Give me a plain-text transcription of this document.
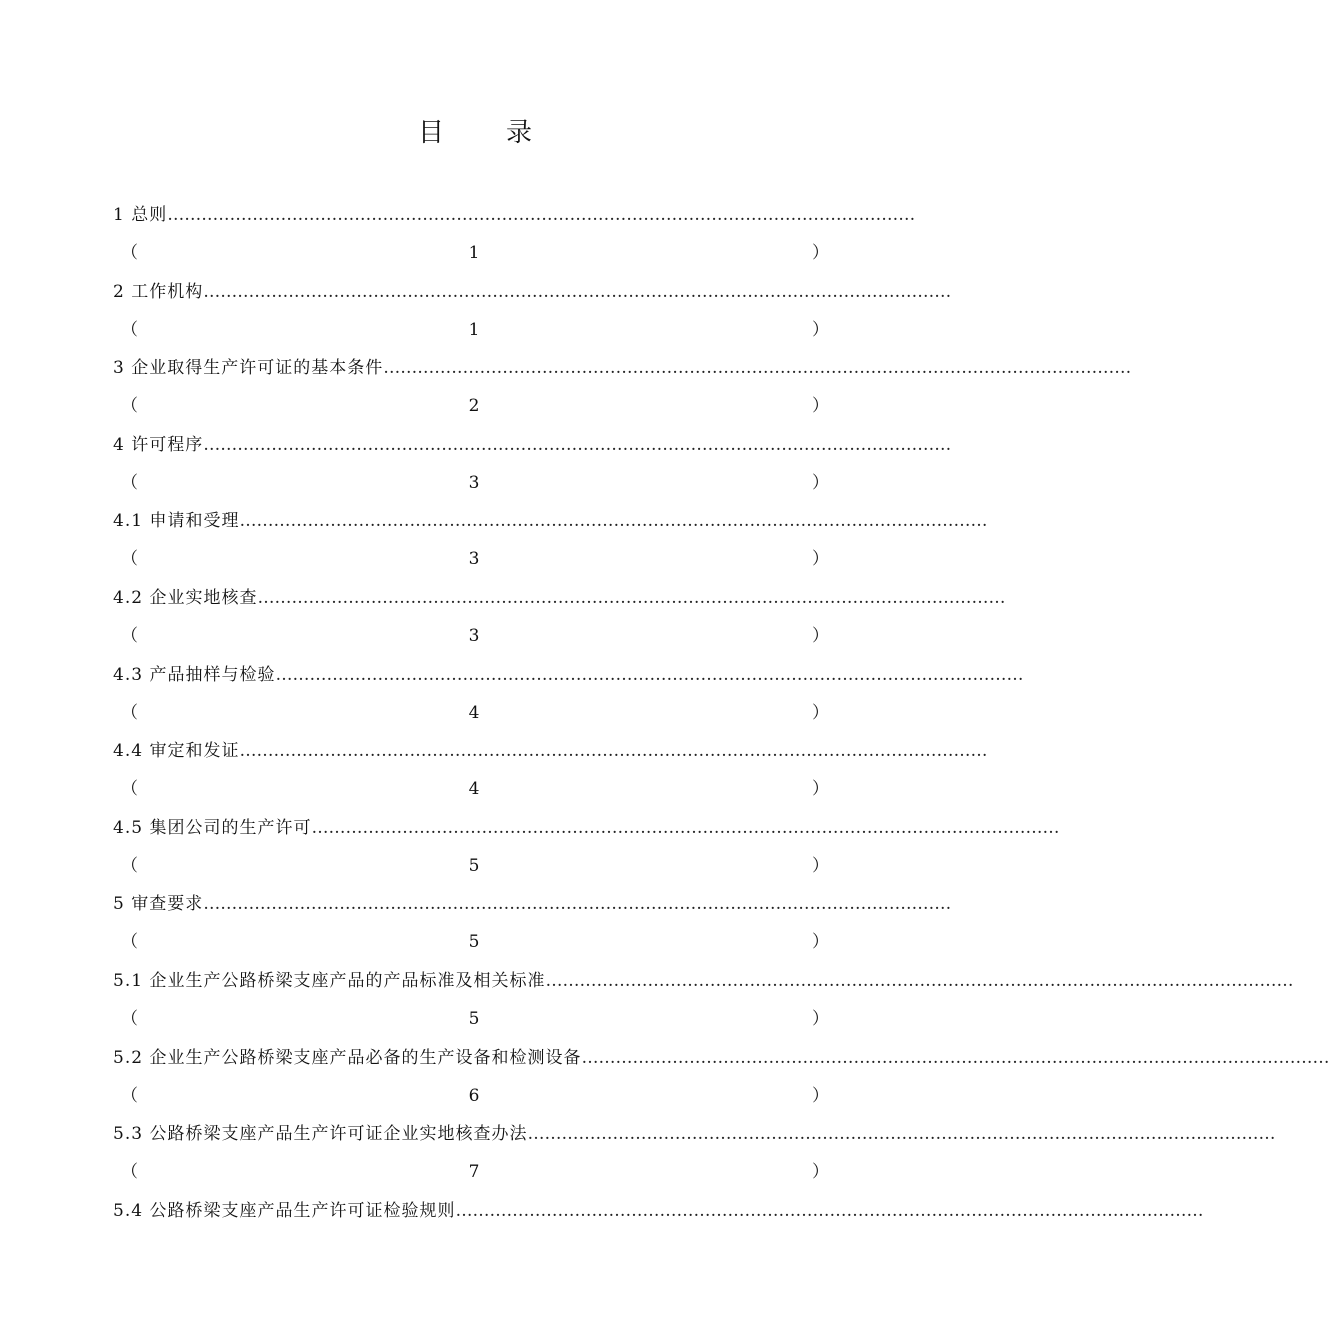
目 录
1 总则 ……………………………………………………………………………………………………………………
（	1	）
2 工作机构 ……………………………………………………………………………………………………………………
（	1	）
3 企业取得生产许可证的基本条件 ……………………………………………………………………………………………………………………
（	2	）
4 许可程序 ……………………………………………………………………………………………………………………
（	3	）
4.1 申请和受理 ……………………………………………………………………………………………………………………
（	3	）
4.2 企业实地核查 ……………………………………………………………………………………………………………………
（	3	）
4.3 产品抽样与检验 ……………………………………………………………………………………………………………………
（	4	）
4.4 审定和发证 ……………………………………………………………………………………………………………………
（	4	）
4.5 集团公司的生产许可 ……………………………………………………………………………………………………………………
（	5	）
5 审查要求 ……………………………………………………………………………………………………………………
（	5	）
5.1 企业生产公路桥梁支座产品的产品标准及相关标准 ……………………………………………………………………………………………………………………
（	5	）
5.2 企业生产公路桥梁支座产品必备的生产设备和检测设备 ……………………………………………………………………………………………………………………
（	6	）
5.3 公路桥梁支座产品生产许可证企业实地核查办法 ……………………………………………………………………………………………………………………
（	7	）
5.4 公路桥梁支座产品生产许可证检验规则 ……………………………………………………………………………………………………………………
